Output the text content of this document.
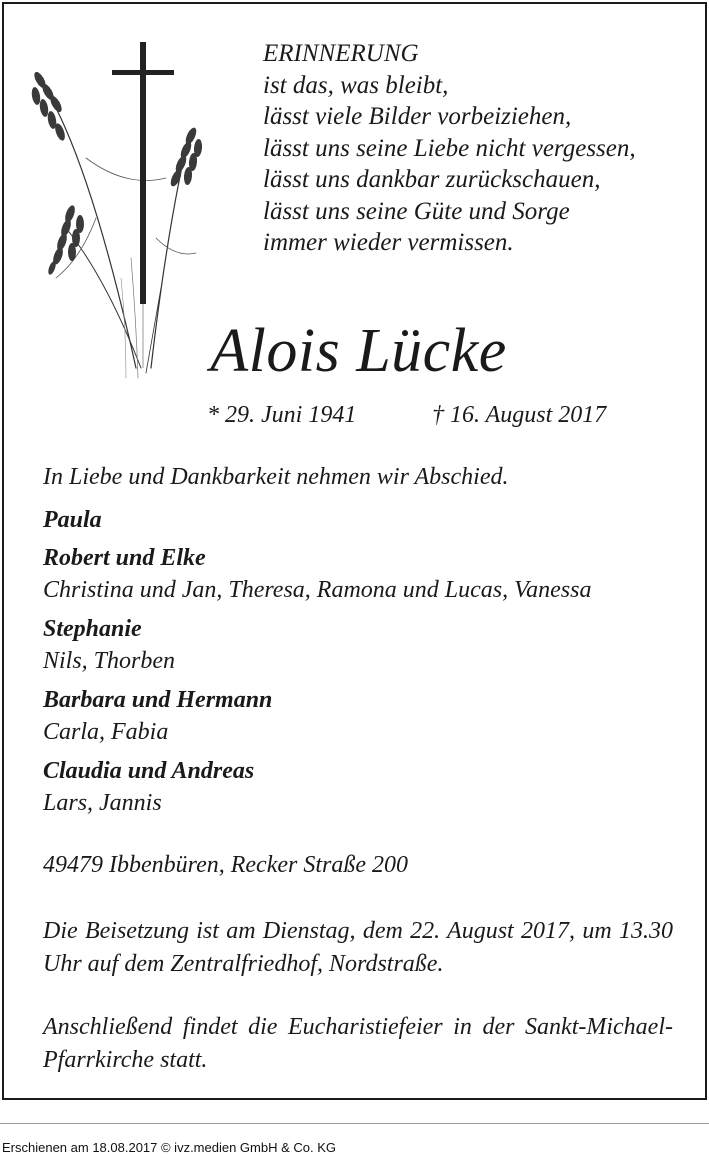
ERINNERUNG
ist das, was bleibt,
lässt viele Bilder vorbeiziehen,
lässt uns seine Liebe nicht vergessen,
lässt uns dankbar zurückschauen,
lässt uns seine Güte und Sorge
immer wieder vermissen.
Alois Lücke
* 29. Juni 1941	† 16. August 2017
In Liebe und Dankbarkeit nehmen wir Abschied.
Paula
Robert und Elke
Christina und Jan, Theresa, Ramona und Lucas, Vanessa
Stephanie
Nils, Thorben
Barbara und Hermann
Carla, Fabia
Claudia und Andreas
Lars, Jannis
49479 Ibbenbüren, Recker Straße 200
Die Beisetzung ist am Dienstag, dem 22. August 2017, um 13.30 Uhr auf dem Zentralfriedhof, Nordstraße.
Anschließend findet die Eucharistiefeier in der Sankt-Michael-Pfarrkirche statt.
Erschienen am 18.08.2017 © ivz.medien GmbH & Co. KG
